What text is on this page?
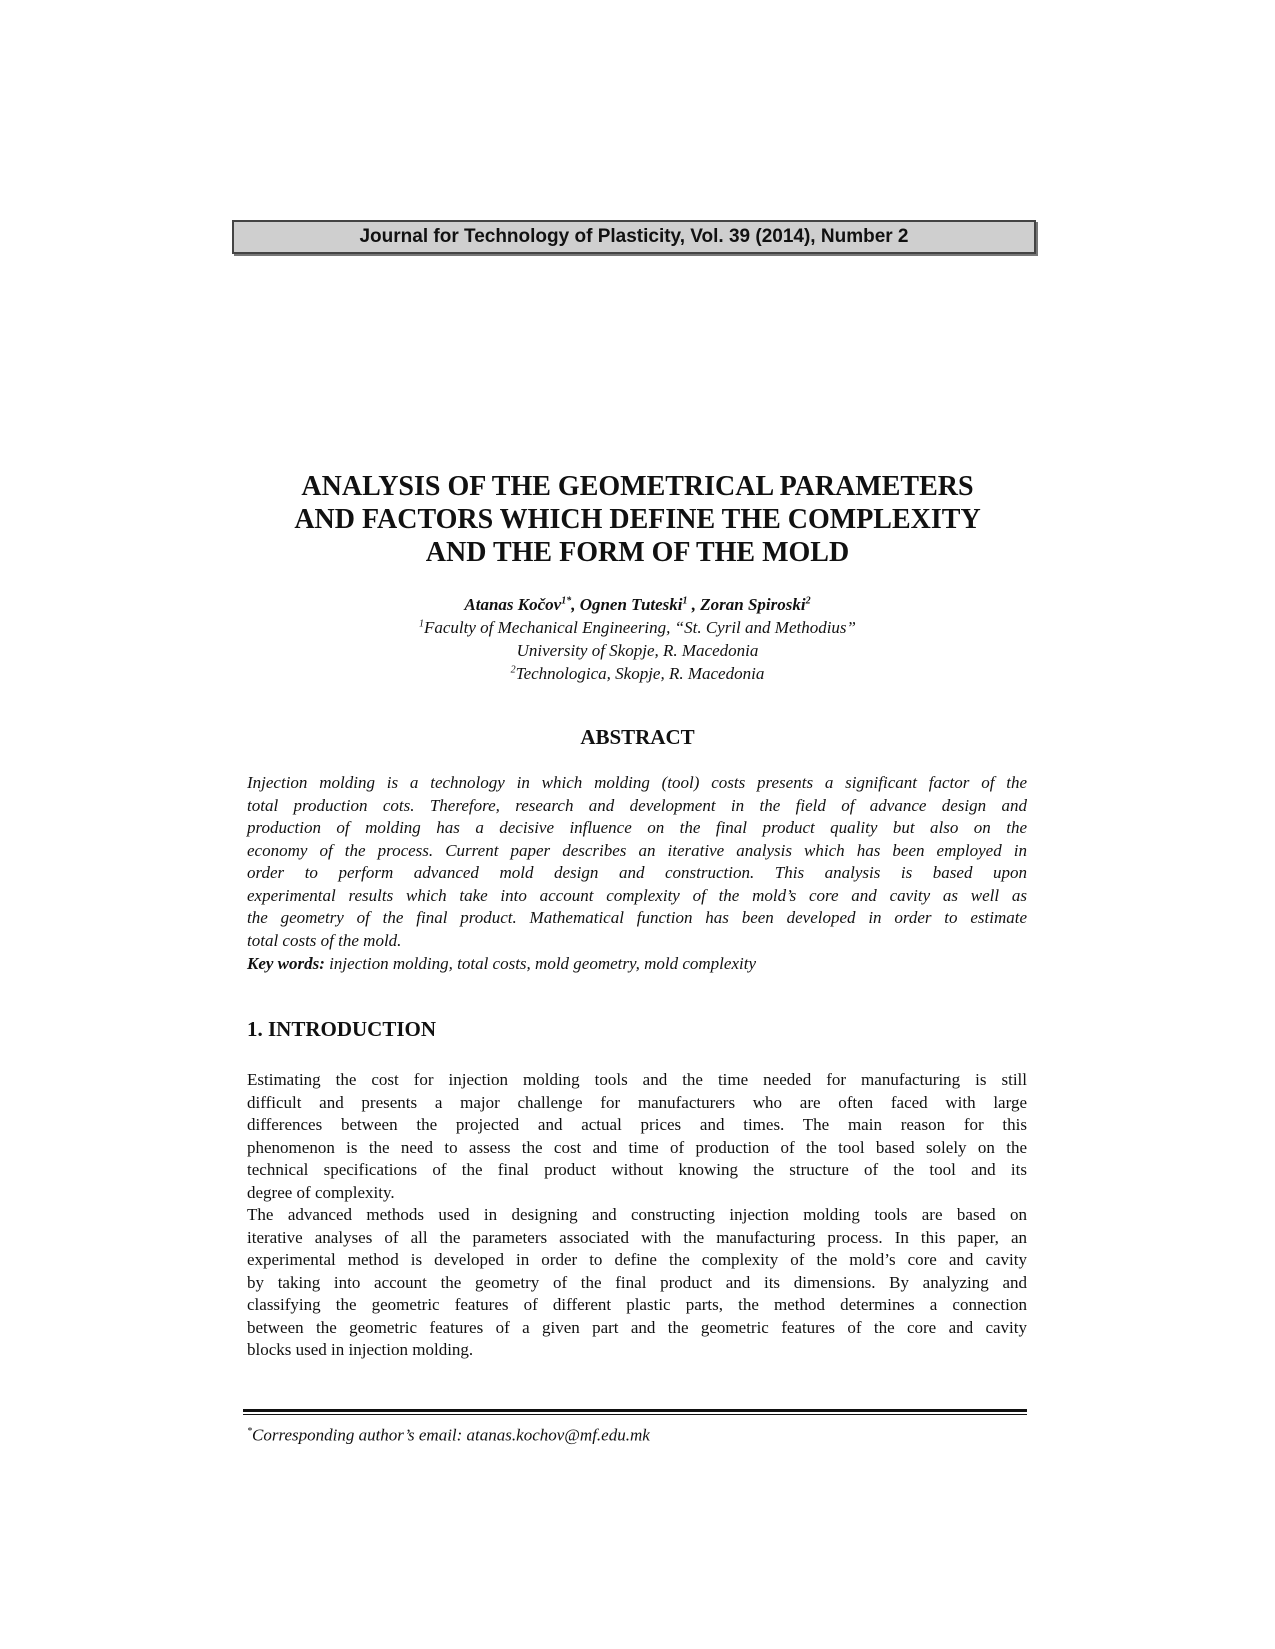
Journal for Technology of Plasticity, Vol. 39 (2014), Number 2
ANALYSIS OF THE GEOMETRICAL PARAMETERS
AND FACTORS WHICH DEFINE THE COMPLEXITY
AND THE FORM OF THE MOLD
Atanas Kočov$^{1*}$, Ognen Tuteski$^1$ , Zoran Spiroski$^2$
$^1$Faculty of Mechanical Engineering, “St. Cyril and Methodius”
University of Skopje, R. Macedonia
$^2$Technologica, Skopje, R. Macedonia
ABSTRACT
Injection molding is a technology in which molding (tool) costs presents a significant factor of the
total production cots. Therefore, research and development in the field of advance design and
production of molding has a decisive influence on the final product quality but also on the
economy of the process. Current paper describes an iterative analysis which has been employed in
order to perform advanced mold design and construction. This analysis is based upon
experimental results which take into account complexity of the mold’s core and cavity as well as
the geometry of the final product. Mathematical function has been developed in order to estimate
total costs of the mold.
Key words: injection molding, total costs, mold geometry, mold complexity
1. INTRODUCTION
Estimating the cost for injection molding tools and the time needed for manufacturing is still
difficult and presents a major challenge for manufacturers who are often faced with large
differences between the projected and actual prices and times. The main reason for this
phenomenon is the need to assess the cost and time of production of the tool based solely on the
technical specifications of the final product without knowing the structure of the tool and its
degree of complexity.
The advanced methods used in designing and constructing injection molding tools are based on
iterative analyses of all the parameters associated with the manufacturing process. In this paper, an
experimental method is developed in order to define the complexity of the mold’s core and cavity
by taking into account the geometry of the final product and its dimensions. By analyzing and
classifying the geometric features of different plastic parts, the method determines a connection
between the geometric features of a given part and the geometric features of the core and cavity
blocks used in injection molding.
*Corresponding author’s email: atanas.kochov@mf.edu.mk
